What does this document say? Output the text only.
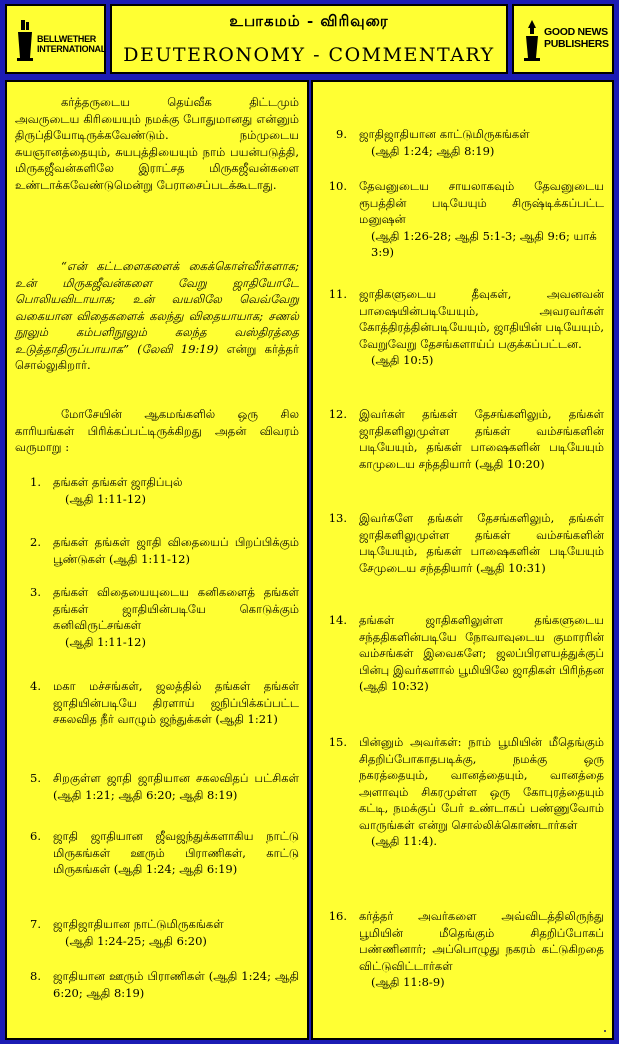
BELLWETHER
INTERNATIONAL
உபாகமம் - விரிவுரை
DEUTERONOMY - COMMENTARY
GOOD NEWS
PUBLISHERS

கர்த்தருடைய தெய்வீக திட்டமும் அவருடைய கிரியையும் நமக்கு போதுமானது என்னும் திருப்தியோடிருக்கவேண்டும். நம்முடைய சுயஞானத்தையும், சுயபுத்தியையும் நாம் பயன்படுத்தி, மிருகஜீவன்களிலே இராட்சத மிருகஜீவன்களை உண்டாக்கவேண்டுமென்று பேராசைப்படக்கூடாது.

“என் கட்டளைகளைக் கைக்கொள்வீர்களாக; உன் மிருகஜீவன்களை வேறு ஜாதியோடே பொலியவிடாயாக; உன் வயலிலே வெவ்வேறு வகையான விதைகளைக் கலந்து விதையாயாக; சணல் நூலும் கம்பளிநூலும் கலந்த வஸ்திரத்தை உடுத்தாதிருப்பாயாக” (லேவி 19:19) என்று கர்த்தர் சொல்லுகிறார்.

மோசேயின் ஆகமங்களில் ஒரு சில காரியங்கள் பிரிக்கப்பட்டிருக்கிறது அதன் விவரம் வருமாறு :

1. தங்கள் தங்கள் ஜாதிப்புல்
(ஆதி 1:11-12)
2. தங்கள் தங்கள் ஜாதி விதையைப் பிறப்பிக்கும் பூண்டுகள் (ஆதி 1:11-12)
3. தங்கள் விதையையுடைய கனிகளைத் தங்கள் தங்கள் ஜாதியின்படியே கொடுக்கும் கனிவிருட்சங்கள்
(ஆதி 1:11-12)
4. மகா மச்சங்கள், ஜலத்தில் தங்கள் தங்கள் ஜாதியின்படியே திரளாய் ஜநிப்பிக்கப்பட்ட சகலவித நீர் வாழும் ஜந்துக்கள் (ஆதி 1:21)
5. சிறகுள்ள ஜாதி ஜாதியான சகலவிதப் பட்சிகள் (ஆதி 1:21; ஆதி 6:20; ஆதி 8:19)
6. ஜாதி ஜாதியான ஜீவஜந்துக்களாகிய நாட்டு மிருகங்கள் ஊரும் பிராணிகள், காட்டு மிருகங்கள் (ஆதி 1:24; ஆதி 6:19)
7. ஜாதிஜாதியான நாட்டுமிருகங்கள்
(ஆதி 1:24-25; ஆதி 6:20)
8. ஜாதியான ஊரும் பிராணிகள் (ஆதி 1:24; ஆதி 6:20; ஆதி 8:19)
9. ஜாதிஜாதியான காட்டுமிருகங்கள்
(ஆதி 1:24; ஆதி 8:19)
10. தேவனுடைய சாயலாகவும் தேவனுடைய ரூபத்தின் படியேயும் சிருஷ்டிக்கப்பட்ட மனுஷன்
(ஆதி 1:26-28; ஆதி 5:1-3; ஆதி 9:6; யாக் 3:9)
11. ஜாதிகளுடைய தீவுகள், அவனவன் பாஷையின்படியேயும், அவரவர்கள் கோத்திரத்தின்படியேயும், ஜாதியின் படியேயும், வேறுவேறு தேசங்களாய்ப் பகுக்கப்பட்டன.
(ஆதி 10:5)
12. இவர்கள் தங்கள் தேசங்களிலும், தங்கள் ஜாதிகளிலுமுள்ள தங்கள் வம்சங்களின் படியேயும், தங்கள் பாஷைகளின் படியேயும் காமுடைய சந்ததியார் (ஆதி 10:20)
13. இவர்களே தங்கள் தேசங்களிலும், தங்கள் ஜாதிகளிலுமுள்ள தங்கள் வம்சங்களின் படியேயும், தங்கள் பாஷைகளின் படியேயும் சேமுடைய சந்ததியார் (ஆதி 10:31)
14. தங்கள் ஜாதிகளிலுள்ள தங்களுடைய சந்ததிகளின்படியே நோவாவுடைய குமாரரின் வம்சங்கள் இவைகளே; ஜலப்பிரளயத்துக்குப் பின்பு இவர்களால் பூமியிலே ஜாதிகள் பிரிந்தன (ஆதி 10:32)
15. பின்னும் அவர்கள்: நாம் பூமியின் மீதெங்கும் சிதறிப்போகாதபடிக்கு, நமக்கு ஒரு நகரத்தையும், வானத்தையும், வானத்தை அளாவும் சிகரமுள்ள ஒரு கோபுரத்தையும் கட்டி, நமக்குப் பேர் உண்டாகப் பண்ணுவோம் வாருங்கள் என்று சொல்லிக்கொண்டார்கள்
(ஆதி 11:4).
16. கர்த்தர் அவர்களை அவ்விடத்திலிருந்து பூமியின் மீதெங்கும் சிதறிப்போகப் பண்ணினார்; அப்பொழுது நகரம் கட்டுகிறதை விட்டுவிட்டார்கள்
(ஆதி 11:8-9)
